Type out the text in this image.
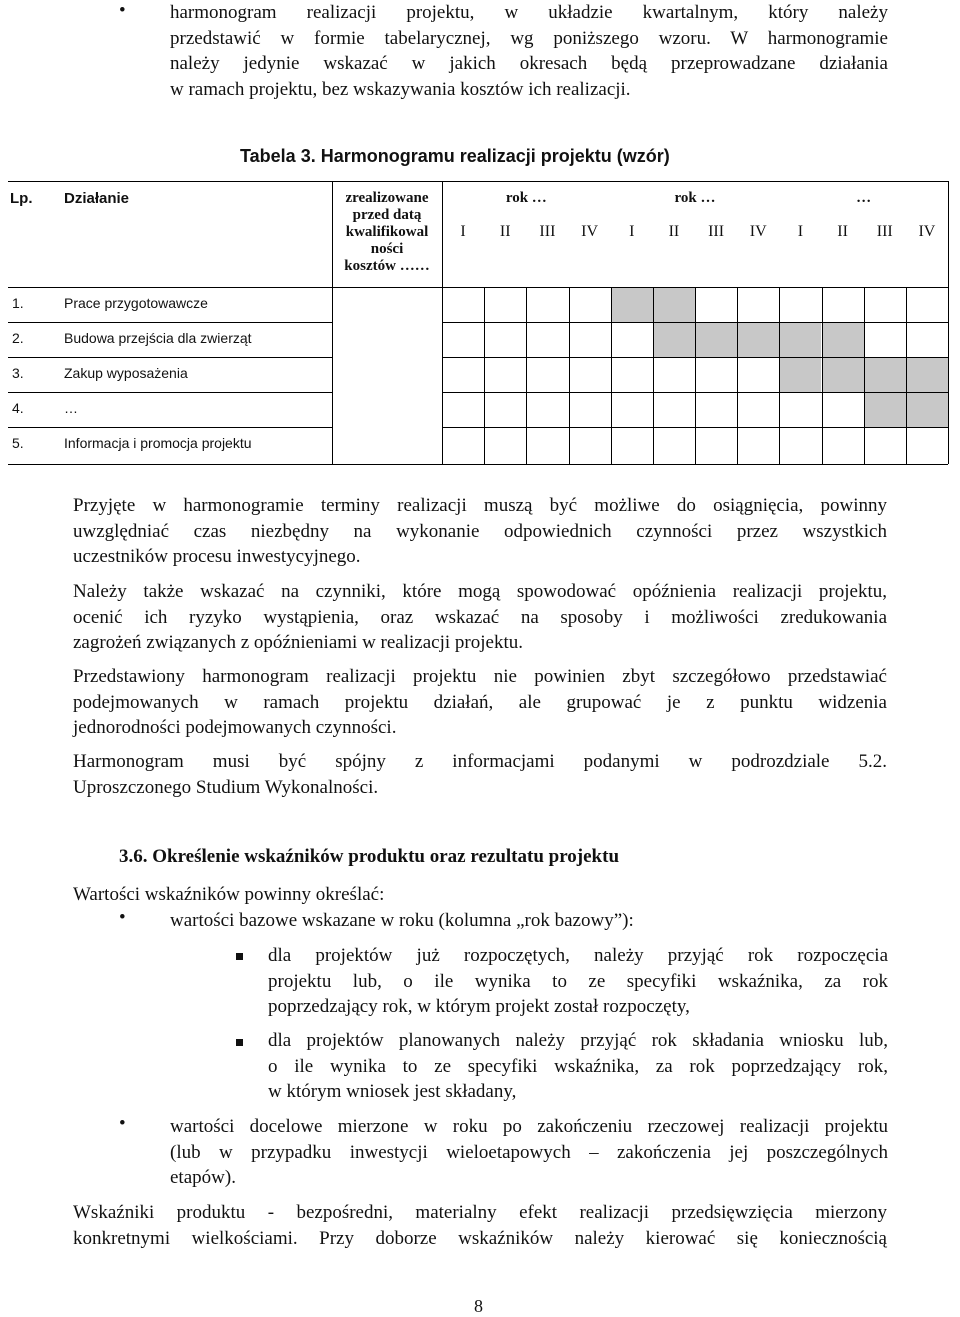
• harmonogram realizacji projektu, w układzie kwartalnym, który należy
przedstawić w formie tabelarycznej, wg poniższego wzoru. W harmonogramie
należy jedynie wskazać w jakich okresach będą przeprowadzane działania
w ramach projektu, bez wskazywania kosztów ich realizacji.
Tabela 3. Harmonogramu realizacji projektu (wzór)
Lp. Działanie	zrealizowane
przed datą
kwalifikowal
ności
kosztów ……
rok …	rok …	…
I	II	III	IV	I	II	III	IV	I	II	III	IV
1.	Prace przygotowawcze
2.	Budowa przejścia dla zwierząt
3.	Zakup wyposażenia
4.	…
5.	Informacja i promocja projektu
Przyjęte w harmonogramie terminy realizacji muszą być możliwe do osiągnięcia, powinny
uwzględniać czas niezbędny na wykonanie odpowiednich czynności przez wszystkich
uczestników procesu inwestycyjnego.
Należy także wskazać na czynniki, które mogą spowodować opóźnienia realizacji projektu,
ocenić ich ryzyko wystąpienia, oraz wskazać na sposoby i możliwości zredukowania
zagrożeń związanych z opóźnieniami w realizacji projektu.
Przedstawiony harmonogram realizacji projektu nie powinien zbyt szczegółowo przedstawiać
podejmowanych w ramach projektu działań, ale grupować je z punktu widzenia
jednorodności podejmowanych czynności.
Harmonogram musi być spójny z informacjami podanymi w podrozdziale 5.2.
Uproszczonego Studium Wykonalności.
3.6. Określenie wskaźników produktu oraz rezultatu projektu
Wartości wskaźników powinny określać:
• wartości bazowe wskazane w roku (kolumna „rok bazowy”):
dla projektów już rozpoczętych, należy przyjąć rok rozpoczęcia
projektu lub, o ile wynika to ze specyfiki wskaźnika, za rok
poprzedzający rok, w którym projekt został rozpoczęty,
dla projektów planowanych należy przyjąć rok składania wniosku lub,
o ile wynika to ze specyfiki wskaźnika, za rok poprzedzający rok,
w którym wniosek jest składany,
• wartości docelowe mierzone w roku po zakończeniu rzeczowej realizacji projektu
(lub w przypadku inwestycji wieloetapowych – zakończenia jej poszczególnych
etapów).
Wskaźniki produktu - bezpośredni, materialny efekt realizacji przedsięwzięcia mierzony
konkretnymi wielkościami. Przy doborze wskaźników należy kierować się koniecznością
8
